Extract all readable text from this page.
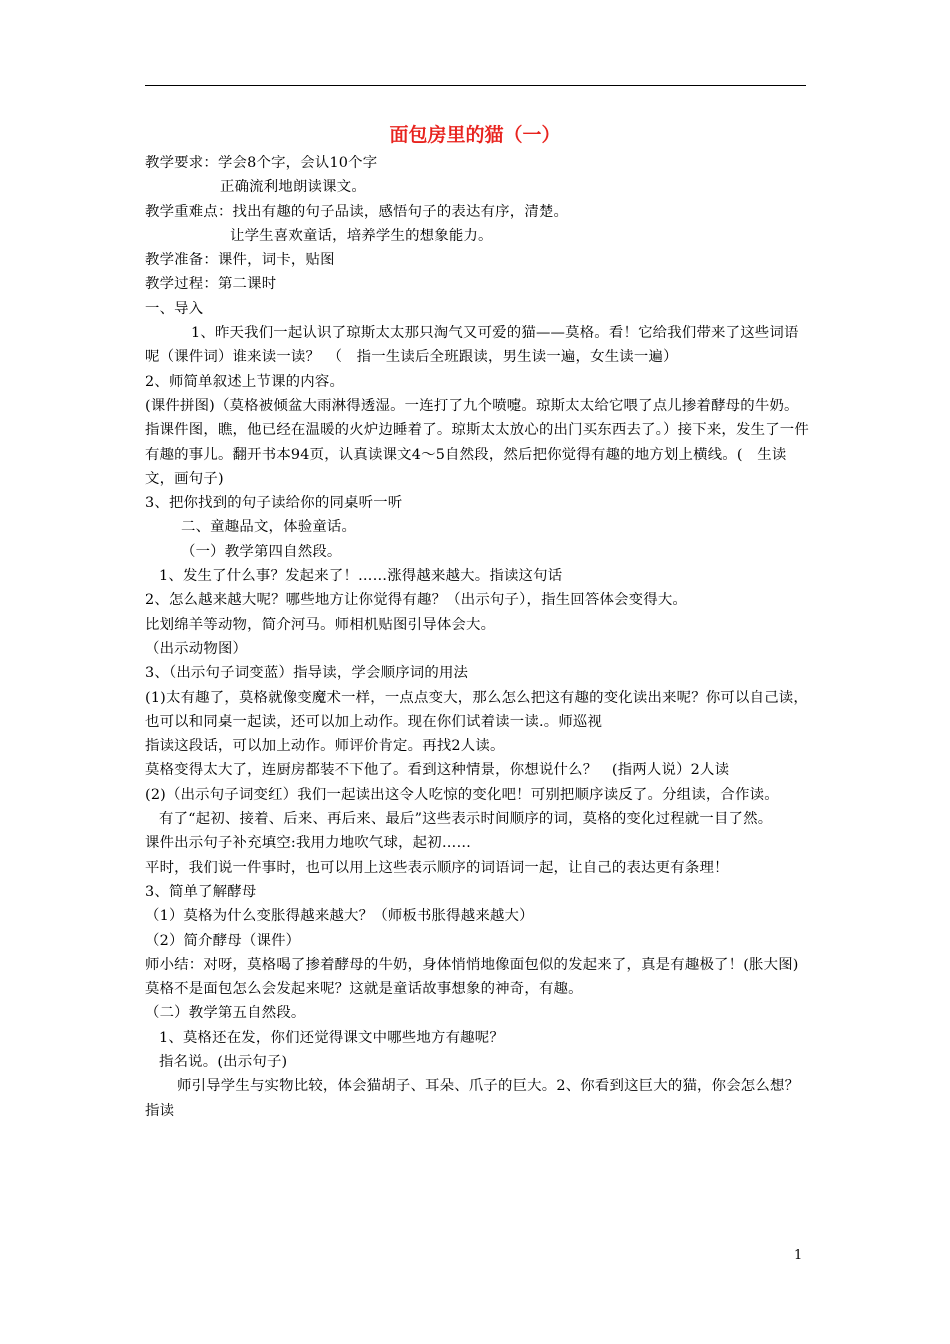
面包房里的猫（一）

教学要求：学会8个字，会认10个字

正确流利地朗读课文。

教学重难点：找出有趣的句子品读，感悟句子的表达有序，清楚。

让学生喜欢童话，培养学生的想象能力。

教学准备：课件，词卡，贴图

教学过程：第二课时

一、导入

1、昨天我们一起认识了琼斯太太那只淘气又可爱的猫——莫格。看！它给我们带来了这些词语呢（课件词）谁来读一读？　（　指一生读后全班跟读，男生读一遍，女生读一遍）

2、师简单叙述上节课的内容。

(课件拼图)（莫格被倾盆大雨淋得透湿。一连打了九个喷嚏。琼斯太太给它喂了点儿掺着酵母的牛奶。指课件图，瞧，他已经在温暖的火炉边睡着了。琼斯太太放心的出门买东西去了。）接下来，发生了一件有趣的事儿。翻开书本94页，认真读课文4～5自然段，然后把你觉得有趣的地方划上横线。(　生读文，画句子)

3、把你找到的句子读给你的同桌听一听

二、童趣品文，体验童话。

（一）教学第四自然段。

1、发生了什么事？发起来了！……涨得越来越大。指读这句话

2、怎么越来越大呢？哪些地方让你觉得有趣？（出示句子），指生回答体会变得大。

比划绵羊等动物，简介河马。师相机贴图引导体会大。

（出示动物图）

3、（出示句子词变蓝）指导读，学会顺序词的用法

(1)太有趣了，莫格就像变魔术一样，一点点变大，那么怎么把这有趣的变化读出来呢？你可以自己读，也可以和同桌一起读，还可以加上动作。现在你们试着读一读.。师巡视

指读这段话，可以加上动作。师评价肯定。再找2人读。

莫格变得太大了，连厨房都装不下他了。看到这种情景，你想说什么？　(指两人说）2人读

(2)（出示句子词变红）我们一起读出这令人吃惊的变化吧！可别把顺序读反了。分组读，合作读。

有了“起初、接着、后来、再后来、最后”这些表示时间顺序的词，莫格的变化过程就一目了然。

课件出示句子补充填空:我用力地吹气球，起初……

平时，我们说一件事时，也可以用上这些表示顺序的词语词一起，让自己的表达更有条理！

3、简单了解酵母

（1）莫格为什么变胀得越来越大？（师板书胀得越来越大）

（2）简介酵母（课件）

师小结：对呀，莫格喝了掺着酵母的牛奶，身体悄悄地像面包似的发起来了，真是有趣极了！(胀大图)

莫格不是面包怎么会发起来呢？这就是童话故事想象的神奇，有趣。

（二）教学第五自然段。

1、莫格还在发，你们还觉得课文中哪些地方有趣呢？

指名说。(出示句子)

师引导学生与实物比较，体会猫胡子、耳朵、爪子的巨大。2、你看到这巨大的猫，你会怎么想？指读

1
